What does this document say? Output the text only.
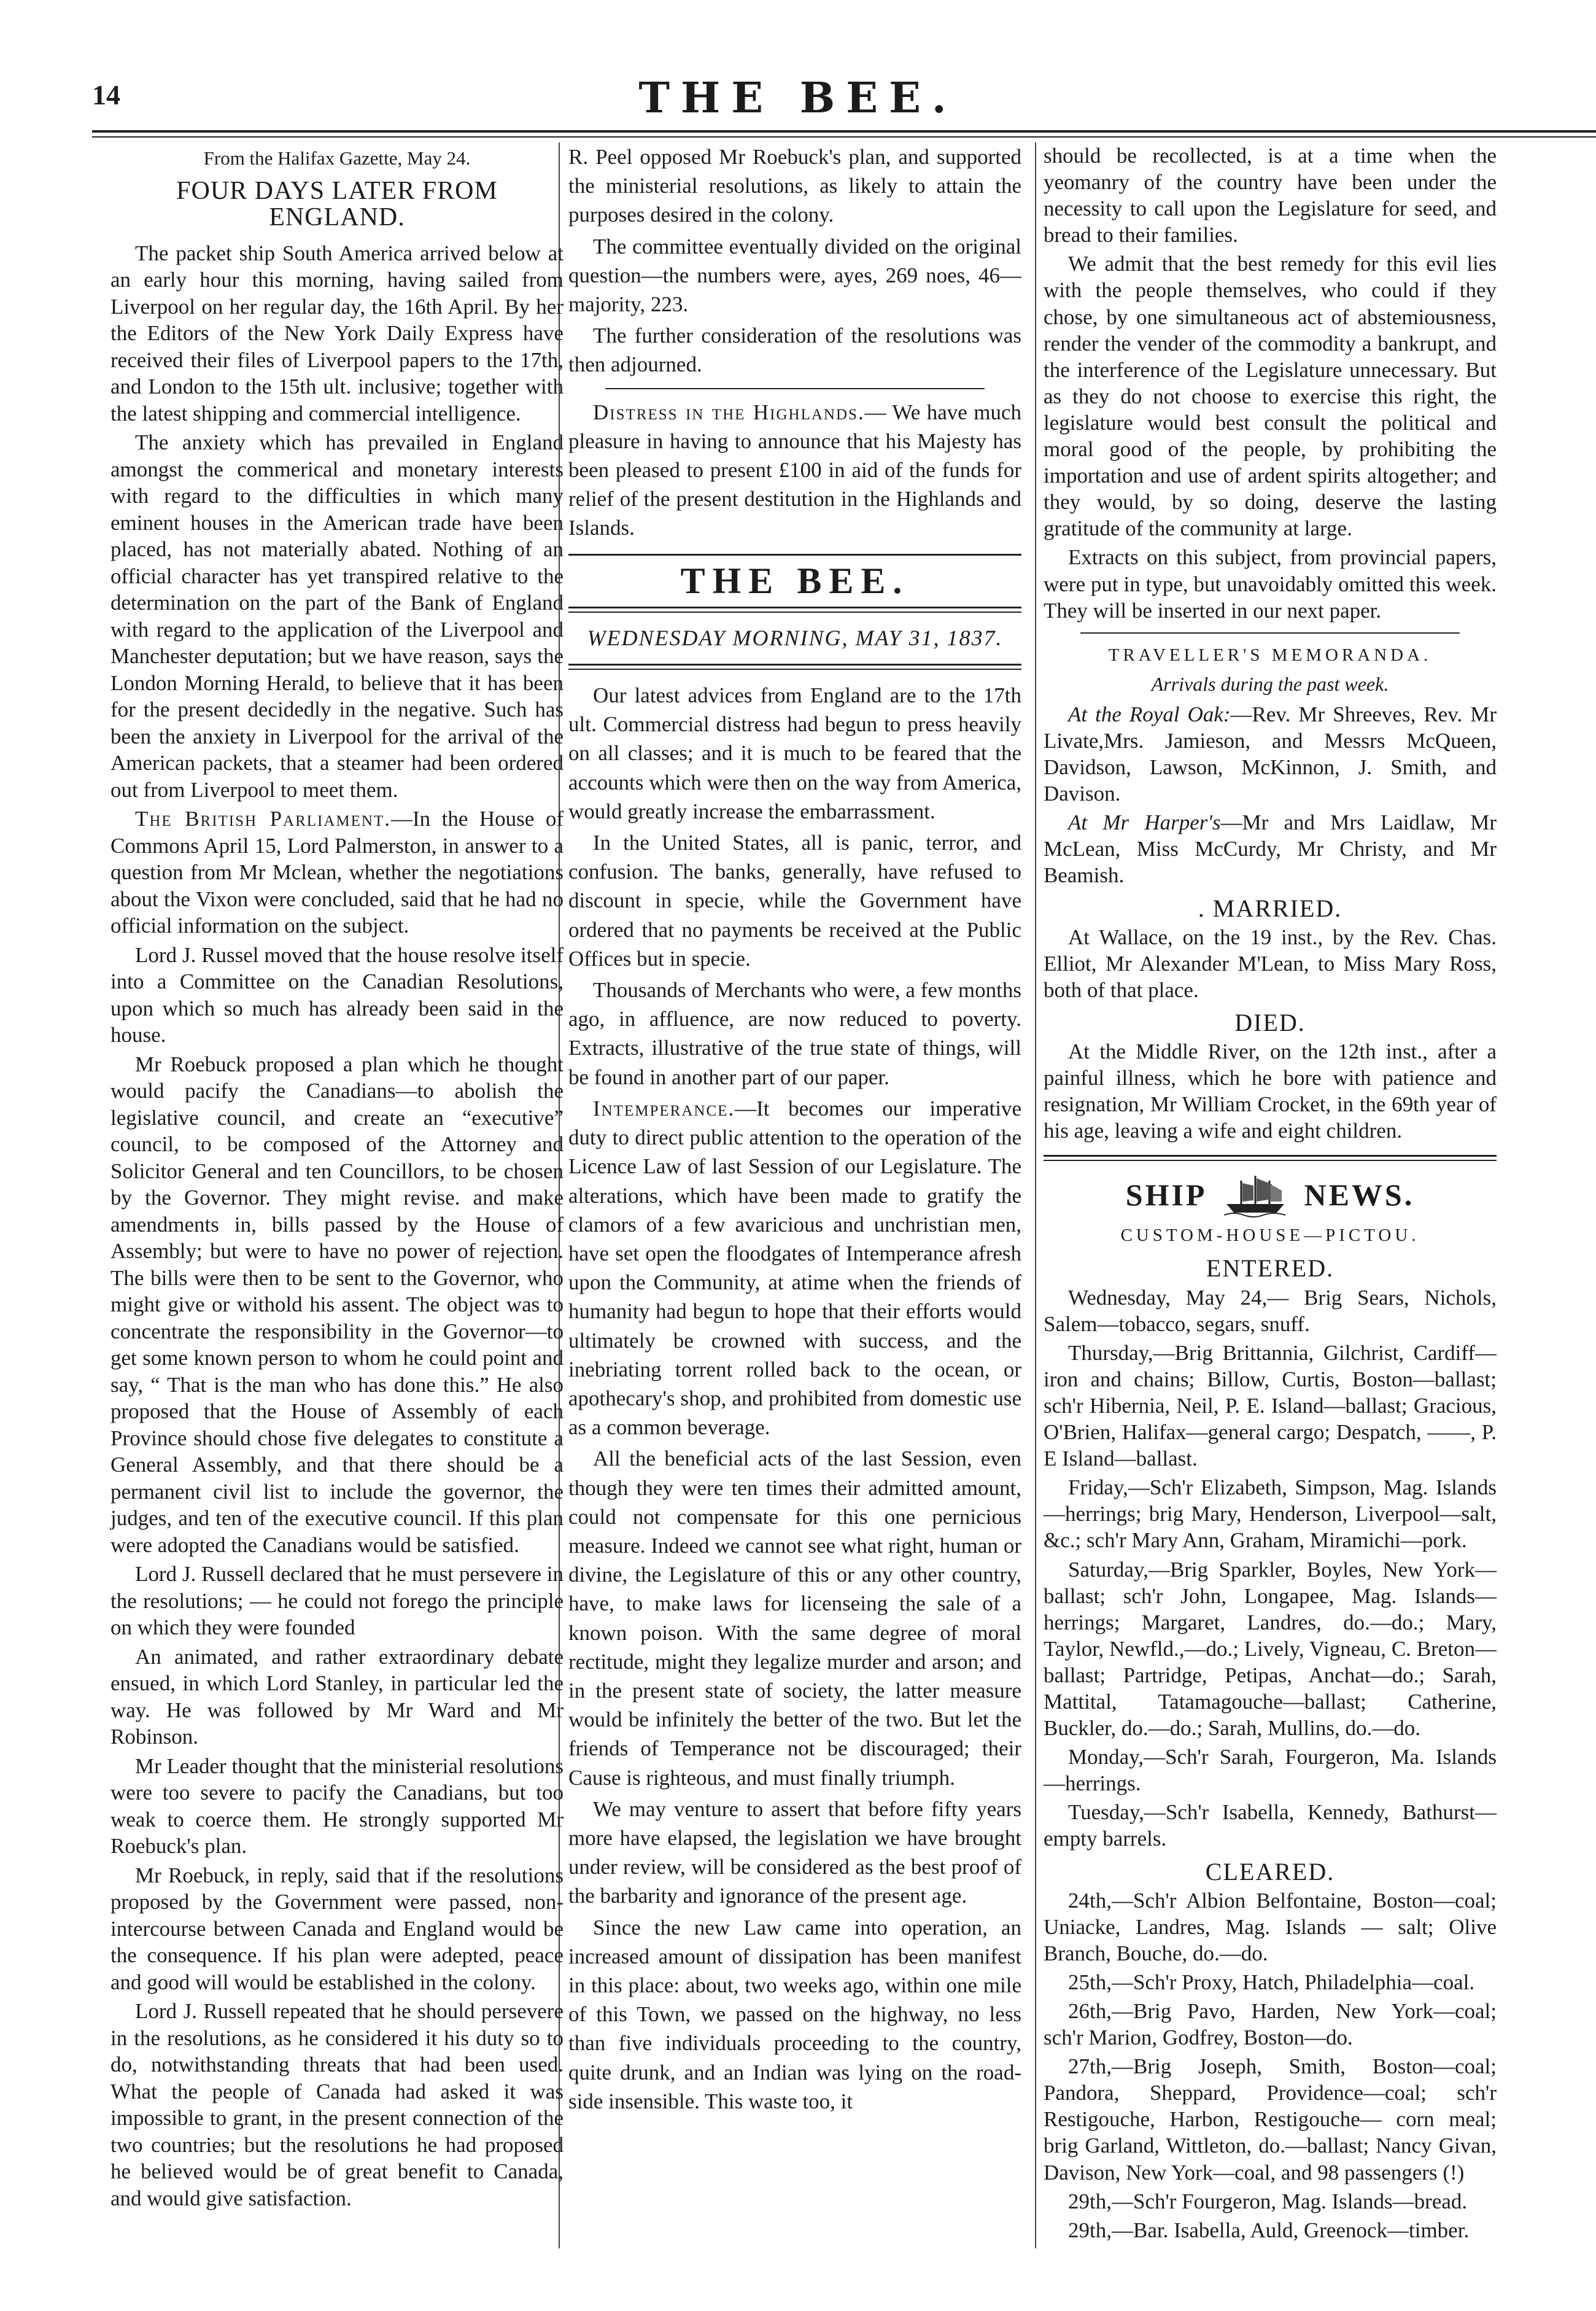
14	THE BEE.
From the Halifax Gazette, May 24.
FOUR DAYS LATER FROM ENGLAND.

The packet ship South America arrived below at an early hour this morning, having sailed from Liverpool on her regular day, the 16th April. By her the Editors of the New York Daily Express have received their files of Liverpool papers to the 17th, and London to the 15th ult. inclusive; together with the latest shipping and commercial intelligence.

The anxiety which has prevailed in England amongst the commerical and monetary interests with regard to the difficulties in which many eminent houses in the American trade have been placed, has not materially abated. Nothing of an official character has yet transpired relative to the determination on the part of the Bank of England with regard to the application of the Liverpool and Manchester deputation; but we have reason, says the London Morning Herald, to believe that it has been for the present decidedly in the negative. Such has been the anxiety in Liverpool for the arrival of the American packets, that a steamer had been ordered out from Liverpool to meet them.

The British Parliament.—In the House of Commons April 15, Lord Palmerston, in answer to a question from Mr Mclean, whether the negotiations about the Vixon were concluded, said that he had no official information on the subject.

Lord J. Russel moved that the house resolve itself into a Committee on the Canadian Resolutions, upon which so much has already been said in the house.

Mr Roebuck proposed a plan which he thought would pacify the Canadians—to abolish the legislative council, and create an “executive” council, to be composed of the Attorney and Solicitor General and ten Councillors, to be chosen by the Governor. They might revise. and make amendments in, bills passed by the House of Assembly; but were to have no power of rejection. The bills were then to be sent to the Governor, who might give or withold his assent. The object was to concentrate the responsibility in the Governor—to get some known person to whom he could point and say, “ That is the man who has done this.” He also proposed that the House of Assembly of each Province should chose five delegates to constitute a General Assembly, and that there should be a permanent civil list to include the governor, the judges, and ten of the executive council. If this plan were adopted the Canadians would be satisfied.

Lord J. Russell declared that he must persevere in the resolutions; — he could not forego the principle on which they were founded

An animated, and rather extraordinary debate ensued, in which Lord Stanley, in particular led the way. He was followed by Mr Ward and Mr Robinson.

Mr Leader thought that the ministerial resolutions were too severe to pacify the Canadians, but too weak to coerce them. He strongly supported Mr Roebuck's plan.

Mr Roebuck, in reply, said that if the resolutions proposed by the Government were passed, non-intercourse between Canada and England would be the consequence. If his plan were adepted, peace and good will would be established in the colony.

Lord J. Russell repeated that he should persevere in the resolutions, as he considered it his duty so to do, notwithstanding threats that had been used. What the people of Canada had asked it was impossible to grant, in the present connection of the two countries; but the resolutions he had proposed he believed would be of great benefit to Canada, and would give satisfaction.

R. Peel opposed Mr Roebuck's plan, and supported the ministerial resolutions, as likely to attain the purposes desired in the colony.

The committee eventually divided on the original question—the numbers were, ayes, 269 noes, 46—majority, 223.

The further consideration of the resolutions was then adjourned.

Distress in the Highlands.— We have much pleasure in having to announce that his Majesty has been pleased to present £100 in aid of the funds for relief of the present destitution in the Highlands and Islands.

THE BEE.
WEDNESDAY MORNING, MAY 31, 1837.

Our latest advices from England are to the 17th ult. Commercial distress had begun to press heavily on all classes; and it is much to be feared that the accounts which were then on the way from America, would greatly increase the embarrassment.

In the United States, all is panic, terror, and confusion. The banks, generally, have refused to discount in specie, while the Government have ordered that no payments be received at the Public Offices but in specie.

Thousands of Merchants who were, a few months ago, in affluence, are now reduced to poverty. Extracts, illustrative of the true state of things, will be found in another part of our paper.

Intemperance.—It becomes our imperative duty to direct public attention to the operation of the Licence Law of last Session of our Legislature. The alterations, which have been made to gratify the clamors of a few avaricious and unchristian men, have set open the floodgates of Intemperance afresh upon the Community, at atime when the friends of humanity had begun to hope that their efforts would ultimately be crowned with success, and the inebriating torrent rolled back to the ocean, or apothecary's shop, and prohibited from domestic use as a common beverage.

All the beneficial acts of the last Session, even though they were ten times their admitted amount, could not compensate for this one pernicious measure. Indeed we cannot see what right, human or divine, the Legislature of this or any other country, have, to make laws for licenseing the sale of a known poison. With the same degree of moral rectitude, might they legalize murder and arson; and in the present state of society, the latter measure would be infinitely the better of the two. But let the friends of Temperance not be discouraged; their Cause is righteous, and must finally triumph.

We may venture to assert that before fifty years more have elapsed, the legislation we have brought under review, will be considered as the best proof of the barbarity and ignorance of the present age.

Since the new Law came into operation, an increased amount of dissipation has been manifest in this place: about, two weeks ago, within one mile of this Town, we passed on the highway, no less than five individuals proceeding to the country, quite drunk, and an Indian was lying on the road-side insensible. This waste too, it

should be recollected, is at a time when the yeomanry of the country have been under the necessity to call upon the Legislature for seed, and bread to their families.

We admit that the best remedy for this evil lies with the people themselves, who could if they chose, by one simultaneous act of abstemiousness, render the vender of the commodity a bankrupt, and the interference of the Legislature unnecessary. But as they do not choose to exercise this right, the legislature would best consult the political and moral good of the people, by prohibiting the importation and use of ardent spirits altogether; and they would, by so doing, deserve the lasting gratitude of the community at large.

Extracts on this subject, from provincial papers, were put in type, but unavoidably omitted this week. They will be inserted in our next paper.

TRAVELLER'S MEMORANDA.
Arrivals during the past week.

At the Royal Oak:—Rev. Mr Shreeves, Rev. Mr Livate,Mrs. Jamieson, and Messrs McQueen, Davidson, Lawson, McKinnon, J. Smith, and Davison.

At Mr Harper's—Mr and Mrs Laidlaw, Mr McLean, Miss McCurdy, Mr Christy, and Mr Beamish.

. MARRIED.

At Wallace, on the 19 inst., by the Rev. Chas. Elliot, Mr Alexander M'Lean, to Miss Mary Ross, both of that place.

DIED.

At the Middle River, on the 12th inst., after a painful illness, which he bore with patience and resignation, Mr William Crocket, in the 69th year of his age, leaving a wife and eight children.

SHIP	NEWS.
CUSTOM-HOUSE—PICTOU.
ENTERED.

Wednesday, May 24,— Brig Sears, Nichols, Salem—tobacco, segars, snuff.

Thursday,—Brig Brittannia, Gilchrist, Cardiff—iron and chains; Billow, Curtis, Boston—ballast; sch'r Hibernia, Neil, P. E. Island—ballast; Gracious, O'Brien, Halifax—general cargo; Despatch, ——, P. E Island—ballast.

Friday,—Sch'r Elizabeth, Simpson, Mag. Islands—herrings; brig Mary, Henderson, Liverpool—salt, &c.; sch'r Mary Ann, Graham, Miramichi—pork.

Saturday,—Brig Sparkler, Boyles, New York—ballast; sch'r John, Longapee, Mag. Islands—herrings; Margaret, Landres, do.—do.; Mary, Taylor, Newfld.,—do.; Lively, Vigneau, C. Breton—ballast; Partridge, Petipas, Anchat—do.; Sarah, Mattital, Tatamagouche—ballast; Catherine, Buckler, do.—do.; Sarah, Mullins, do.—do.

Monday,—Sch'r Sarah, Fourgeron, Ma. Islands —herrings.

Tuesday,—Sch'r Isabella, Kennedy, Bathurst—empty barrels.

CLEARED.

24th,—Sch'r Albion Belfontaine, Boston—coal; Uniacke, Landres, Mag. Islands — salt; Olive Branch, Bouche, do.—do.

25th,—Sch'r Proxy, Hatch, Philadelphia—coal.

26th,—Brig Pavo, Harden, New York—coal; sch'r Marion, Godfrey, Boston—do.

27th,—Brig Joseph, Smith, Boston—coal; Pandora, Sheppard, Providence—coal; sch'r Restigouche, Harbon, Restigouche— corn meal; brig Garland, Wittleton, do.—ballast; Nancy Givan, Davison, New York—coal, and 98 passengers (!)

29th,—Sch'r Fourgeron, Mag. Islands—bread.

29th,—Bar. Isabella, Auld, Greenock—timber.
